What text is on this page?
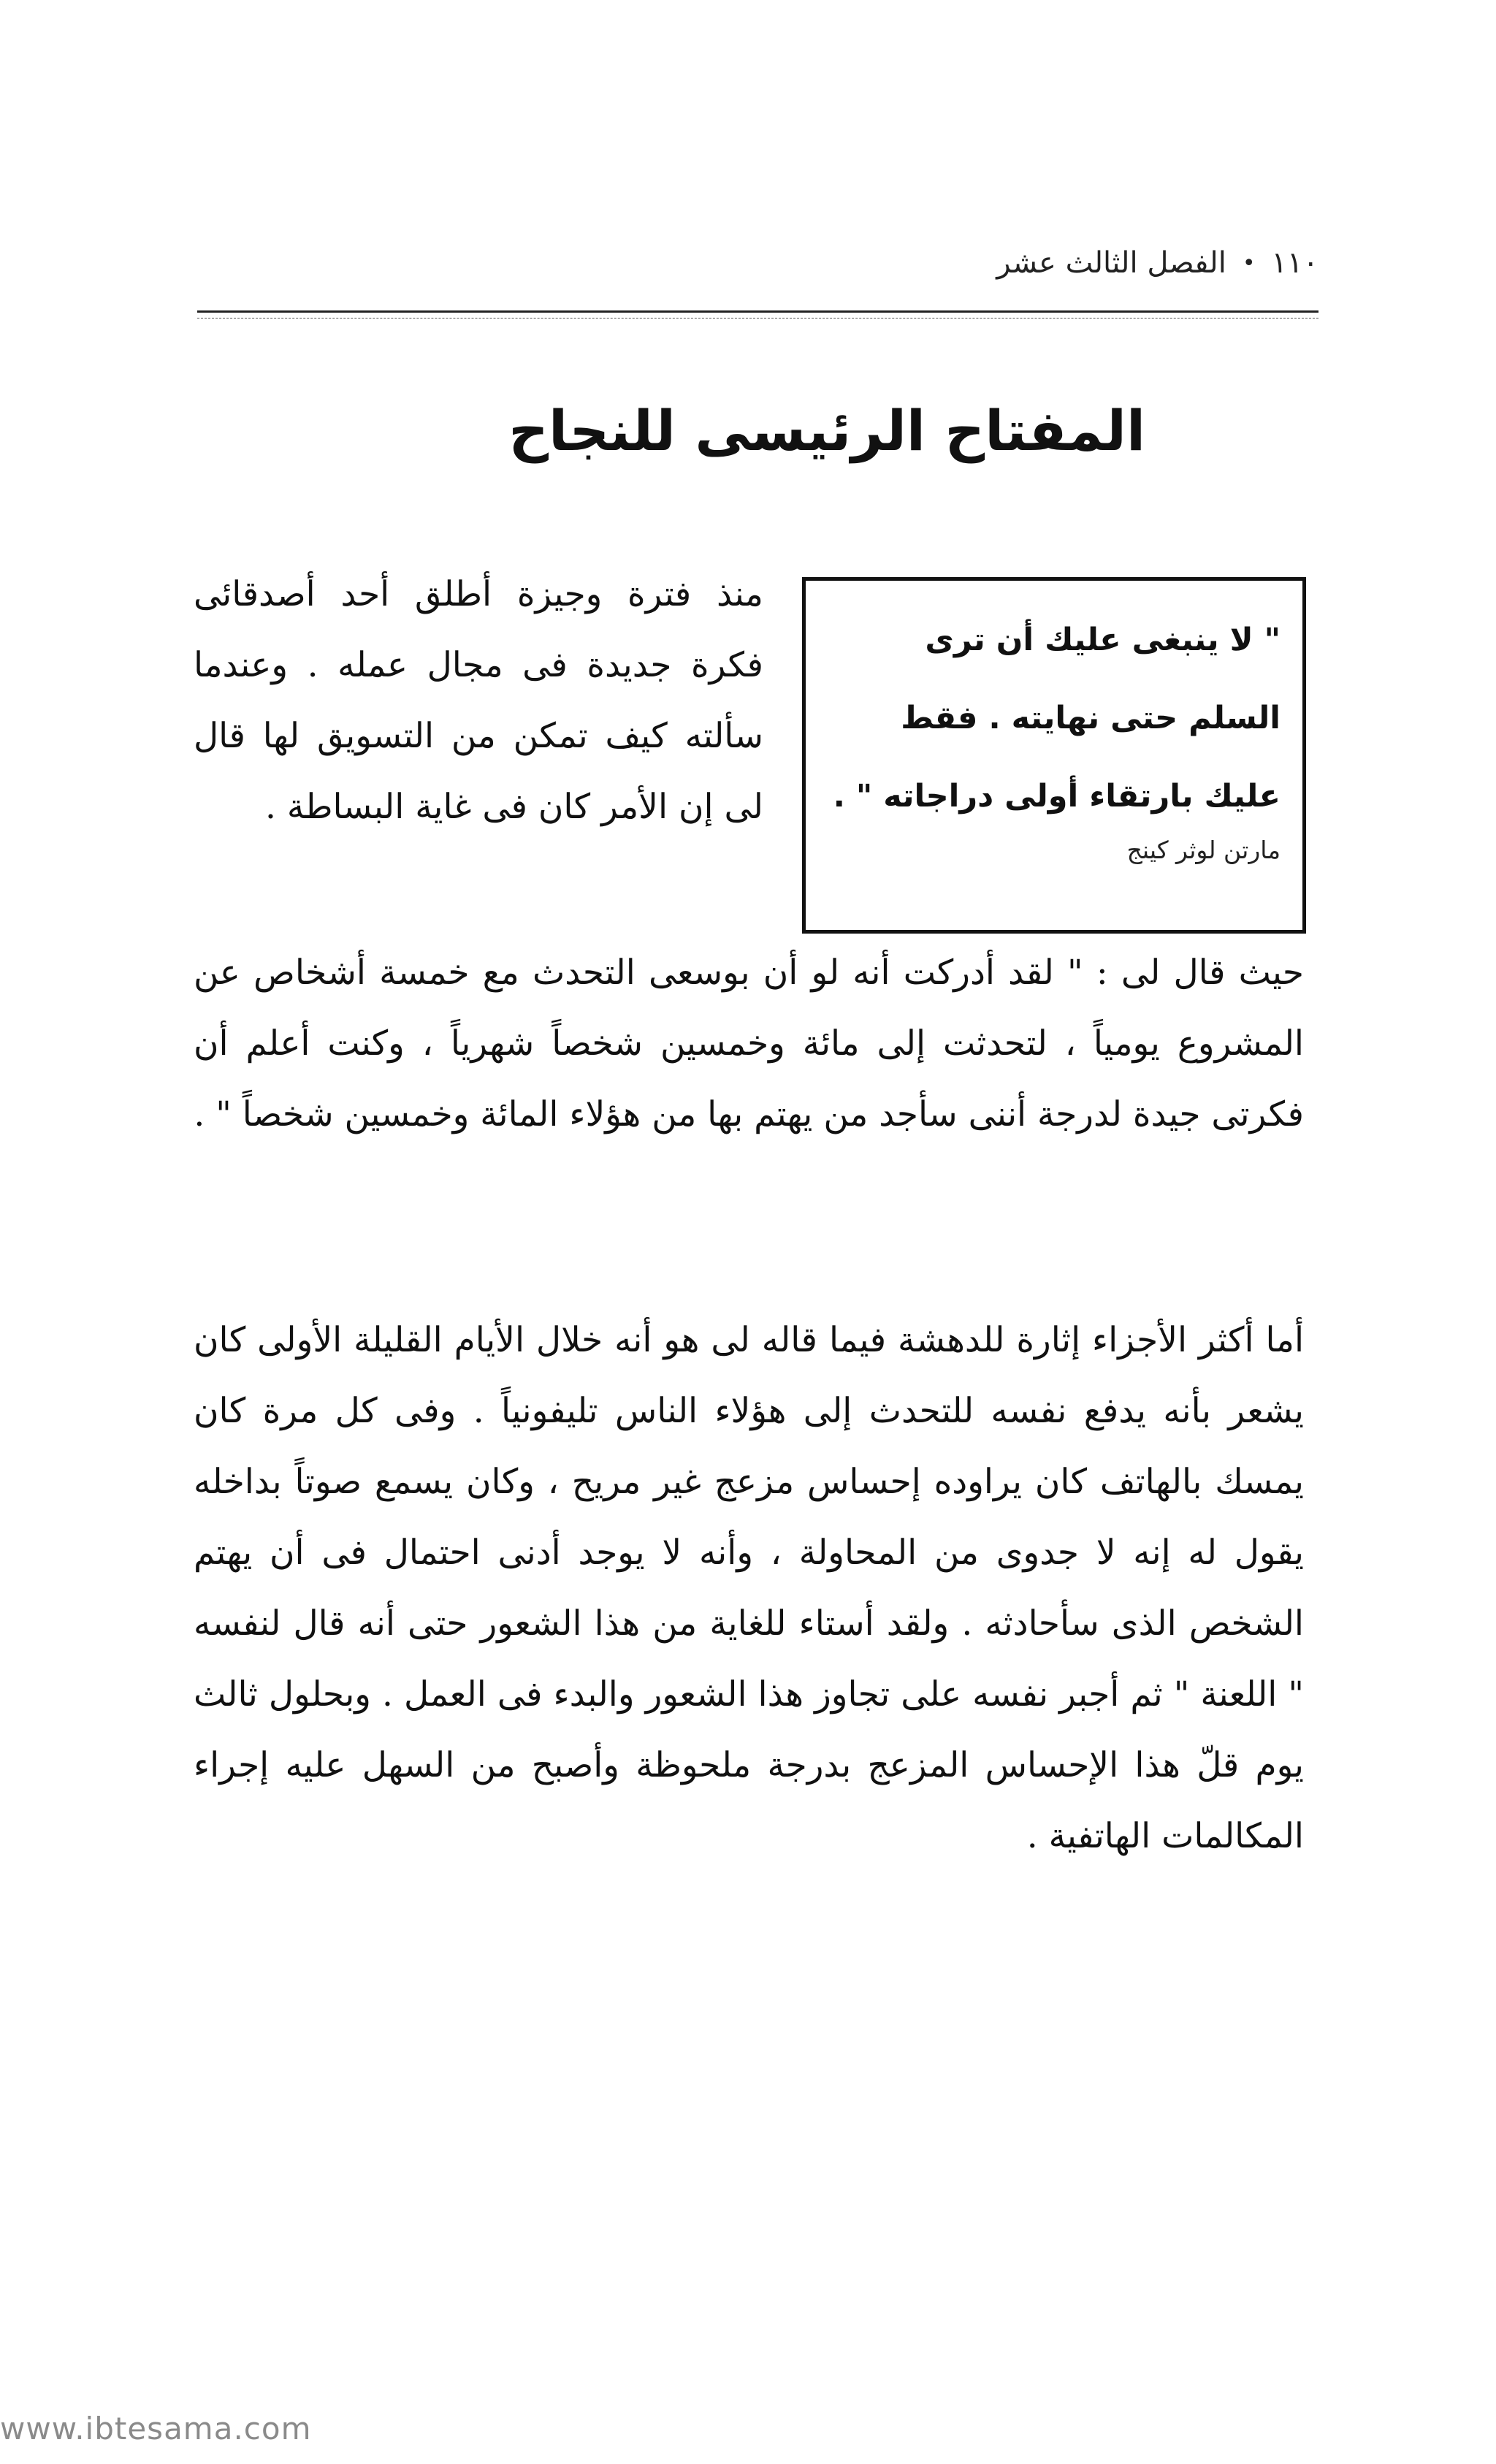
١١٠
•
الفصل الثالث عشر
المفتاح الرئيسى للنجاح
" لا ينبغى عليك أن ترى السلم حتى نهايته . فقط عليك بارتقاء أولى دراجاته " .
مارتن لوثر كينج
منذ فترة وجيزة أطلق أحد أصدقائى فكرة جديدة فى مجال عمله . وعندما سألته كيف تمكن من التسويق لها قال لى إن الأمر كان فى غاية البساطة .
حيث قال لى : " لقد أدركت أنه لو أن بوسعى التحدث مع خمسة أشخاص عن المشروع يومياً ، لتحدثت إلى مائة وخمسين شخصاً شهرياً ، وكنت أعلم أن فكرتى جيدة لدرجة أننى سأجد من يهتم بها من هؤلاء المائة وخمسين شخصاً " .
أما أكثر الأجزاء إثارة للدهشة فيما قاله لى هو أنه خلال الأيام القليلة الأولى كان يشعر بأنه يدفع نفسه للتحدث إلى هؤلاء الناس تليفونياً . وفى كل مرة كان يمسك بالهاتف كان يراوده إحساس مزعج غير مريح ، وكان يسمع صوتاً بداخله يقول له إنه لا جدوى من المحاولة ، وأنه لا يوجد أدنى احتمال فى أن يهتم الشخص الذى سأحادثه . ولقد أستاء للغاية من هذا الشعور حتى أنه قال لنفسه " اللعنة " ثم أجبر نفسه على تجاوز هذا الشعور والبدء فى العمل . وبحلول ثالث يوم قلّ هذا الإحساس المزعج بدرجة ملحوظة وأصبح من السهل عليه إجراء المكالمات الهاتفية .
www.ibtesama.com
